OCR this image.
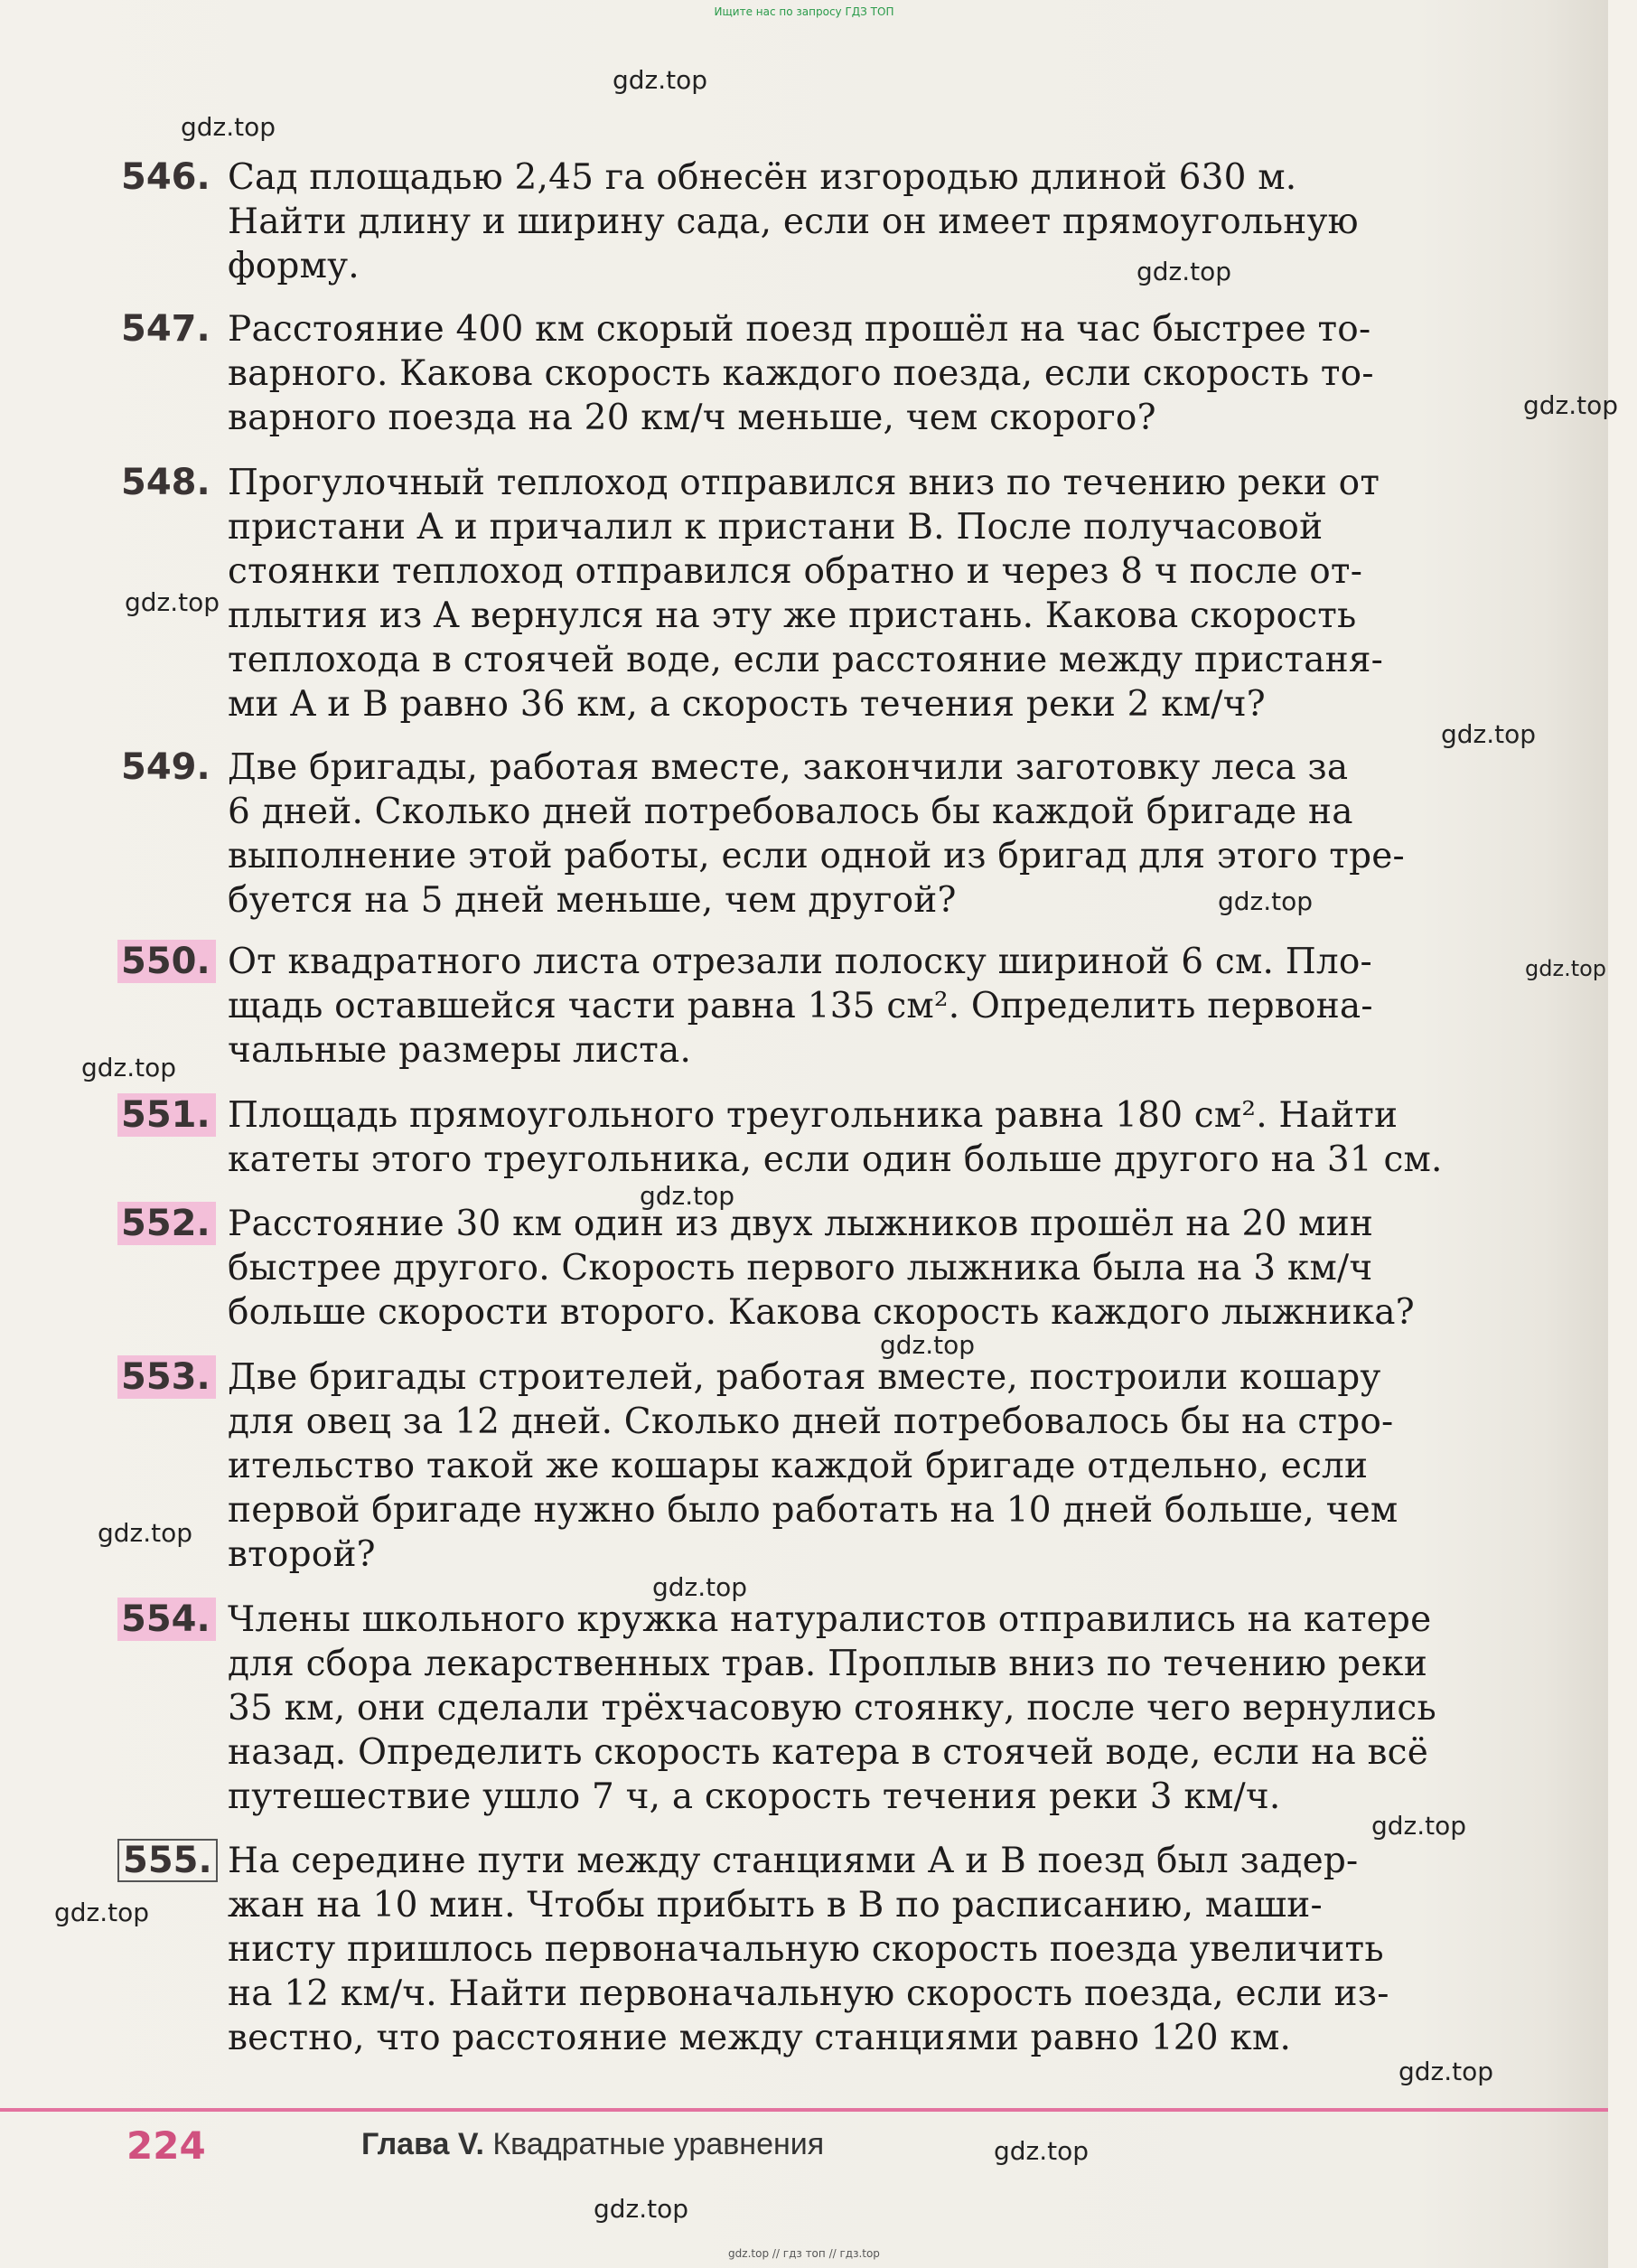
Ищите нас по запросу ГДЗ ТОП
546. Сад площадью 2,45 га обнесён изгородью длиной 630 м.
Найти длину и ширину сада, если он имеет прямоугольную
форму.
547. Расстояние 400 км скорый поезд прошёл на час быстрее то-
варного. Какова скорость каждого поезда, если скорость то-
варного поезда на 20 км/ч меньше, чем скорого?
548. Прогулочный теплоход отправился вниз по течению реки от
пристани A и причалил к пристани B. После получасовой
стоянки теплоход отправился обратно и через 8 ч после от-
плытия из A вернулся на эту же пристань. Какова скорость
теплохода в стоячей воде, если расстояние между пристаня-
ми A и B равно 36 км, а скорость течения реки 2 км/ч?
549. Две бригады, работая вместе, закончили заготовку леса за
6 дней. Сколько дней потребовалось бы каждой бригаде на
выполнение этой работы, если одной из бригад для этого тре-
буется на 5 дней меньше, чем другой?
550. От квадратного листа отрезали полоску шириной 6 см. Пло-
щадь оставшейся части равна 135 см². Определить первона-
чальные размеры листа.
551. Площадь прямоугольного треугольника равна 180 см². Найти
катеты этого треугольника, если один больше другого на 31 см.
552. Расстояние 30 км один из двух лыжников прошёл на 20 мин
быстрее другого. Скорость первого лыжника была на 3 км/ч
больше скорости второго. Какова скорость каждого лыжника?
553. Две бригады строителей, работая вместе, построили кошару
для овец за 12 дней. Сколько дней потребовалось бы на стро-
ительство такой же кошары каждой бригаде отдельно, если
первой бригаде нужно было работать на 10 дней больше, чем
второй?
554. Члены школьного кружка натуралистов отправились на катере
для сбора лекарственных трав. Проплыв вниз по течению реки
35 км, они сделали трёхчасовую стоянку, после чего вернулись
назад. Определить скорость катера в стоячей воде, если на всё
путешествие ушло 7 ч, а скорость течения реки 3 км/ч.
555. На середине пути между станциями A и B поезд был задер-
жан на 10 мин. Чтобы прибыть в B по расписанию, маши-
нисту пришлось первоначальную скорость поезда увеличить
на 12 км/ч. Найти первоначальную скорость поезда, если из-
вестно, что расстояние между станциями равно 120 км.
gdz.top
gdz.top
gdz.top
gdz.top
gdz.top
gdz.top
gdz.top
gdz.top
gdz.top
gdz.top
gdz.top
gdz.top
gdz.top
gdz.top
gdz.top
gdz.top
gdz.top
gdz.top
224	Глава V. Квадратные уравнения
gdz.top // гдз топ // гдз.top
